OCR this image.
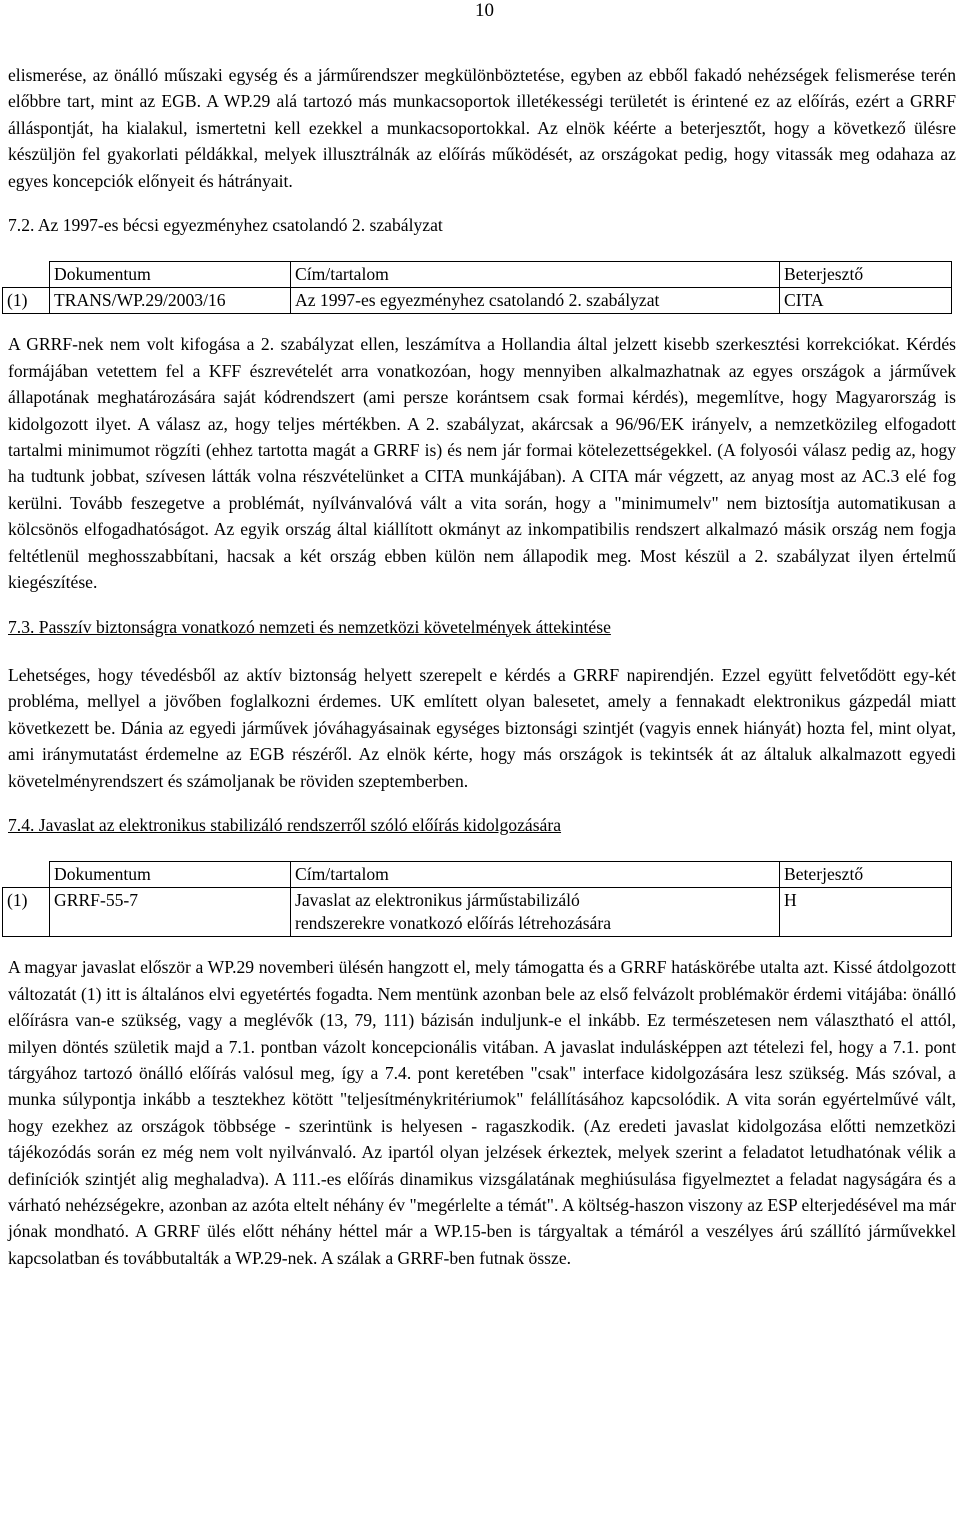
10

elismerése, az önálló műszaki egység és a járműrendszer megkülönböztetése, egyben az ebből fakadó nehézségek felismerése terén előbbre tart, mint az EGB. A WP.29 alá tartozó más munkacsoportok illetékességi területét is érintené ez az előírás, ezért a GRRF álláspontját, ha kialakul, ismertetni kell ezekkel a munkacsoportokkal. Az elnök kéérte a beterjesztőt, hogy a következő ülésre készüljön fel gyakorlati példákkal, melyek illusztrálnák az előírás működését, az országokat pedig, hogy vitassák meg odahaza az egyes koncepciók előnyeit és hátrányait.

7.2. Az 1997-es bécsi egyezményhez csatolandó 2. szabályzat

	Dokumentum	Cím/tartalom	Beterjesztő
(1)	TRANS/WP.29/2003/16	Az 1997-es egyezményhez csatolandó 2. szabályzat	CITA

A GRRF-nek nem volt kifogása a 2. szabályzat ellen, leszámítva a Hollandia által jelzett kisebb szerkesztési korrekciókat. Kérdés formájában vetettem fel a KFF észrevételét arra vonatkozóan, hogy mennyiben alkalmazhatnak az egyes országok a járművek állapotának meghatározására saját kódrendszert (ami persze korántsem csak formai kérdés), megemlítve, hogy Magyarország is kidolgozott ilyet. A válasz az, hogy teljes mértékben. A 2. szabályzat, akárcsak a 96/96/EK irányelv, a nemzetközileg elfogadott tartalmi minimumot rögzíti (ehhez tartotta magát a GRRF is) és nem jár formai kötelezettségekkel. (A folyosói válasz pedig az, hogy ha tudtunk jobbat, szívesen látták volna részvételünket a CITA munkájában). A CITA már végzett, az anyag most az AC.3 elé fog kerülni. Tovább feszegetve a problémát, nyílvánvalóvá vált a vita során, hogy a "minimumelv" nem biztosítja automatikusan a kölcsönös elfogadhatóságot. Az egyik ország által kiállított okmányt az inkompatibilis rendszert alkalmazó másik ország nem fogja feltétlenül meghosszabbítani, hacsak a két ország ebben külön nem állapodik meg. Most készül a 2. szabályzat ilyen értelmű kiegészítése.

7.3. Passzív biztonságra vonatkozó nemzeti és nemzetközi követelmények áttekintése

Lehetséges, hogy tévedésből az aktív biztonság helyett szerepelt e kérdés a GRRF napirendjén. Ezzel együtt felvetődött egy-két probléma, mellyel a jövőben foglalkozni érdemes. UK említett olyan balesetet, amely a fennakadt elektronikus gázpedál miatt következett be. Dánia az egyedi járművek jóváhagyásainak egységes biztonsági szintjét (vagyis ennek hiányát) hozta fel, mint olyat, ami iránymutatást érdemelne az EGB részéről. Az elnök kérte, hogy más országok is tekintsék át az általuk alkalmazott egyedi követelményrendszert és számoljanak be röviden szeptemberben.

7.4. Javaslat az elektronikus stabilizáló rendszerről szóló előírás kidolgozására

	Dokumentum	Cím/tartalom	Beterjesztő
(1)	GRRF-55-7	Javaslat az elektronikus járműstabilizáló
rendszerekre vonatkozó előírás létrehozására	H

A magyar javaslat először a WP.29 novemberi ülésén hangzott el, mely támogatta és a GRRF hatáskörébe utalta azt. Kissé átdolgozott változatát (1) itt is általános elvi egyetértés fogadta. Nem mentünk azonban bele az első felvázolt problémakör érdemi vitájába: önálló előírásra van-e szükség, vagy a meglévők (13, 79, 111) bázisán induljunk-e el inkább. Ez természetesen nem választható el attól, milyen döntés születik majd a 7.1. pontban vázolt koncepcionális vitában. A javaslat indulásképpen azt tételezi fel, hogy a 7.1. pont tárgyához tartozó önálló előírás valósul meg, így a 7.4. pont keretében "csak" interface kidolgozására lesz szükség. Más szóval, a munka súlypontja inkább a tesztekhez kötött "teljesítménykritériumok" felállításához kapcsolódik. A vita során egyértelművé vált, hogy ezekhez az országok többsége - szerintünk is helyesen - ragaszkodik. (Az eredeti javaslat kidolgozása előtti nemzetközi tájékozódás során ez még nem volt nyilvánvaló. Az ipartól olyan jelzések érkeztek, melyek szerint a feladatot letudhatónak vélik a definíciók szintjét alig meghaladva). A 111.-es előírás dinamikus vizsgálatának meghiúsulása figyelmeztet a feladat nagyságára és a várható nehézségekre, azonban az azóta eltelt néhány év "megérlelte a témát". A költség-haszon viszony az ESP elterjedésével ma már jónak mondható. A GRRF ülés előtt néhány héttel már a WP.15-ben is tárgyaltak a témáról a veszélyes árú szállító járművekkel kapcsolatban és továbbutalták a WP.29-nek. A szálak a GRRF-ben futnak össze.
